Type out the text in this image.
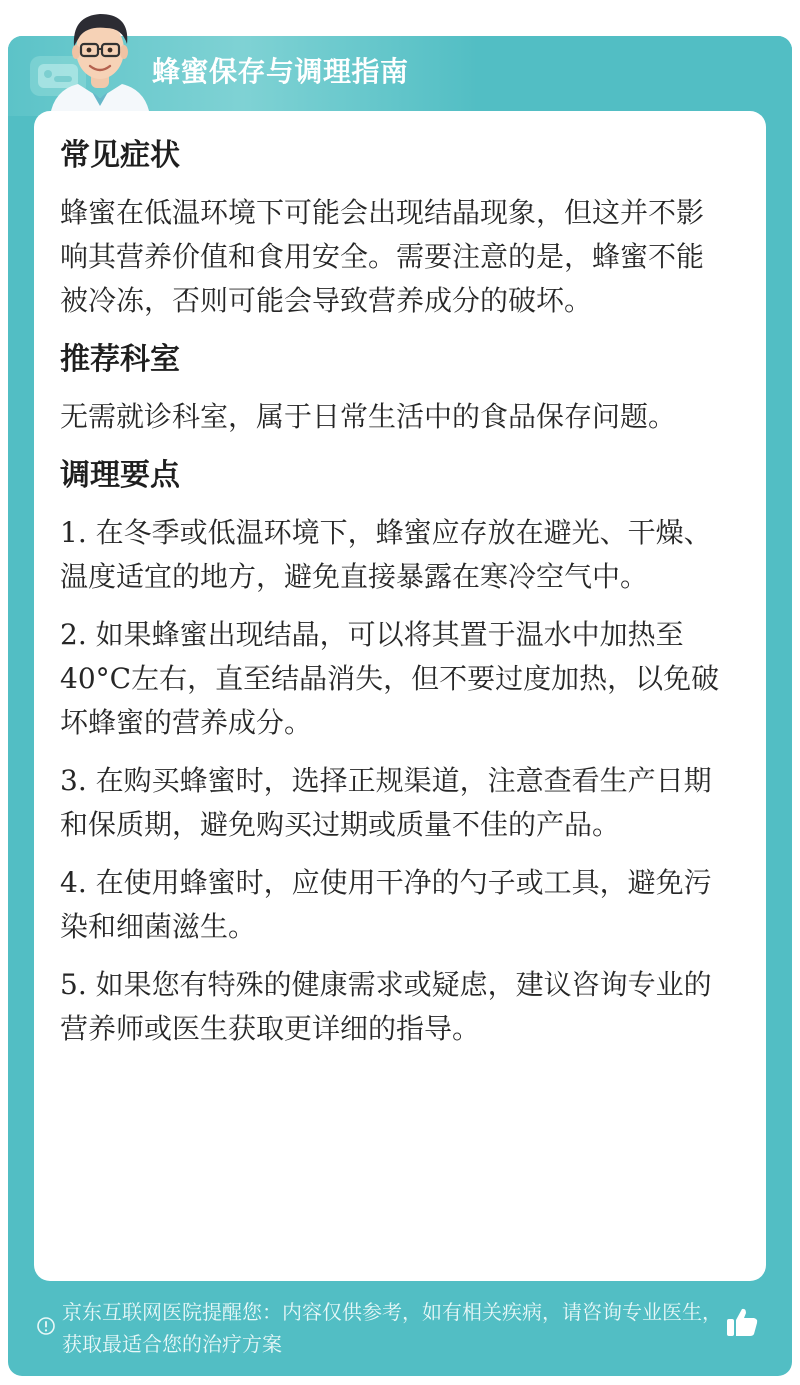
蜂蜜保存与调理指南
常见症状
蜂蜜在低温环境下可能会出现结晶现象，但这并不影响其营养价值和食用安全。需要注意的是，蜂蜜不能被冷冻，否则可能会导致营养成分的破坏。
推荐科室
无需就诊科室，属于日常生活中的食品保存问题。
调理要点
1. 在冬季或低温环境下，蜂蜜应存放在避光、干燥、温度适宜的地方，避免直接暴露在寒冷空气中。
2. 如果蜂蜜出现结晶，可以将其置于温水中加热至40°C左右，直至结晶消失，但不要过度加热，以免破坏蜂蜜的营养成分。
3. 在购买蜂蜜时，选择正规渠道，注意查看生产日期和保质期，避免购买过期或质量不佳的产品。
4. 在使用蜂蜜时，应使用干净的勺子或工具，避免污染和细菌滋生。
5. 如果您有特殊的健康需求或疑虑，建议咨询专业的营养师或医生获取更详细的指导。
京东互联网医院提醒您：内容仅供参考，如有相关疾病，请咨询专业医生，获取最适合您的治疗方案
